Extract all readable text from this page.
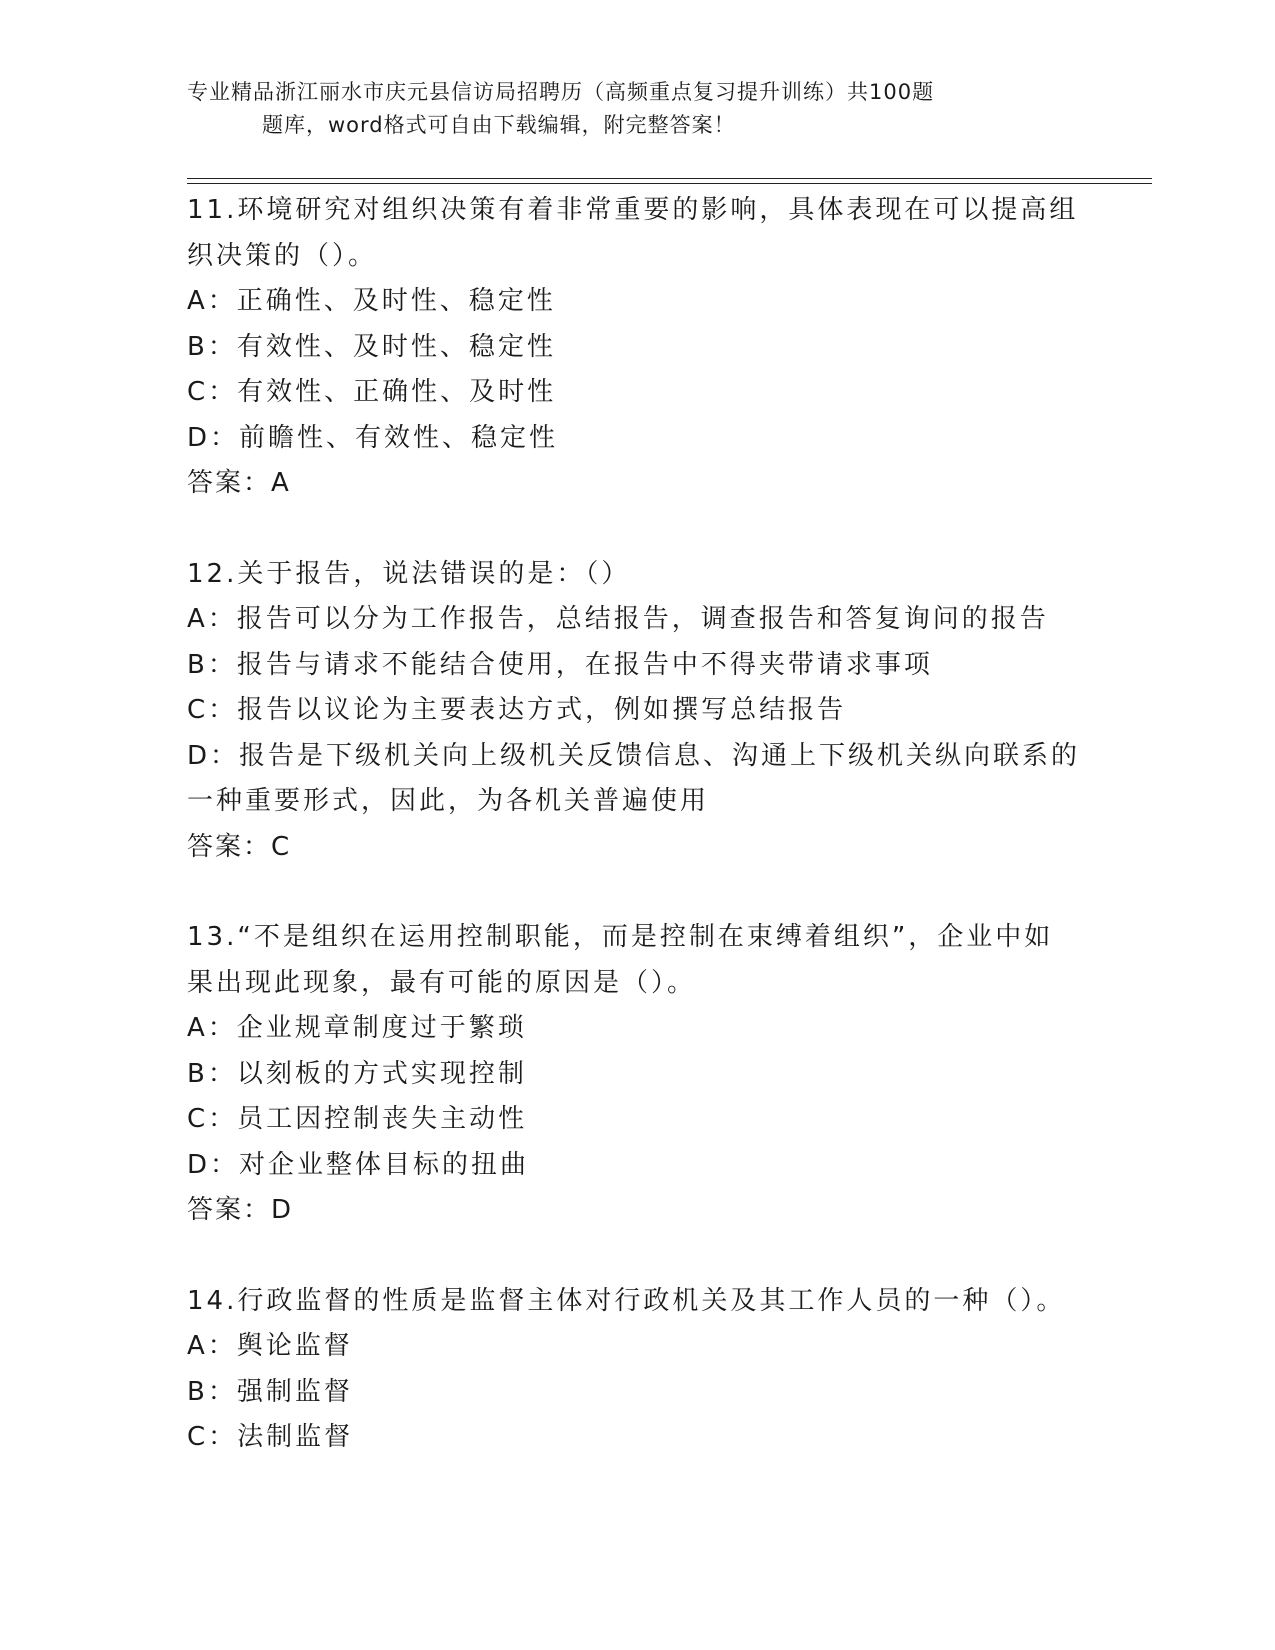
专业精品浙江丽水市庆元县信访局招聘历（高频重点复习提升训练）共100题
题库，word格式可自由下载编辑，附完整答案！
11.环境研究对组织决策有着非常重要的影响，具体表现在可以提高组
织决策的（）。
A：正确性、及时性、稳定性
B：有效性、及时性、稳定性
C：有效性、正确性、及时性
D：前瞻性、有效性、稳定性
答案：A
12.关于报告，说法错误的是：（）
A：报告可以分为工作报告，总结报告，调查报告和答复询问的报告
B：报告与请求不能结合使用，在报告中不得夹带请求事项
C：报告以议论为主要表达方式，例如撰写总结报告
D：报告是下级机关向上级机关反馈信息、沟通上下级机关纵向联系的
一种重要形式，因此，为各机关普遍使用
答案：C
13.“不是组织在运用控制职能，而是控制在束缚着组织”，企业中如
果出现此现象，最有可能的原因是（）。
A：企业规章制度过于繁琐
B：以刻板的方式实现控制
C：员工因控制丧失主动性
D：对企业整体目标的扭曲
答案：D
14.行政监督的性质是监督主体对行政机关及其工作人员的一种（）。
A：舆论监督
B：强制监督
C：法制监督
